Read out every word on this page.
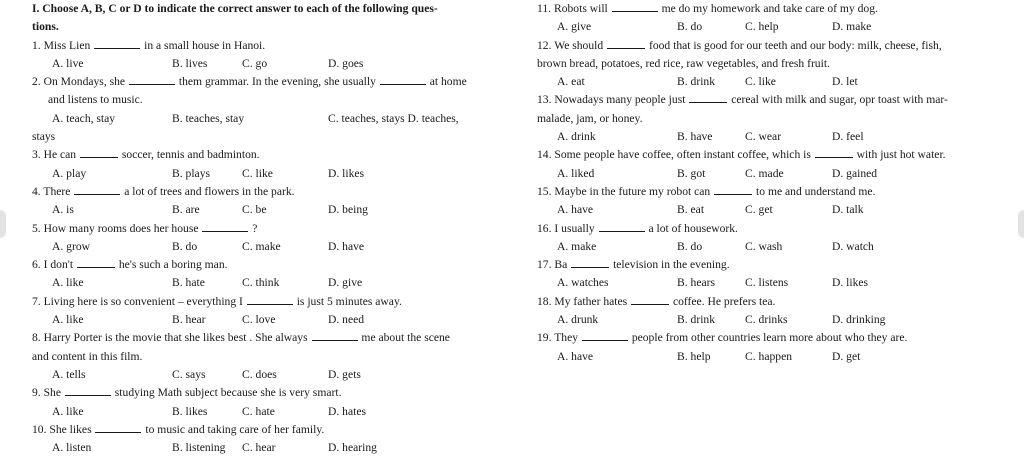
I. Choose A, B, C or D to indicate the correct answer to each of the following ques-
tions.
1. Miss Lien	in a small house in Hanoi.
A. live	B. lives	C. go	D. goes
2. On Mondays, she	them grammar. In the evening, she usually	at home
and listens to music.
A. teach, stay	B. teaches, stay	C. teaches, stays D. teaches,
stays
3. He can	soccer, tennis and badminton.
A. play	B. plays	C. like	D. likes
4. There	a lot of trees and flowers in the park.
A. is	B. are	C. be	D. being
5. How many rooms does her house	?
A. grow	B. do	C. make	D. have
6. I don't	he's such a boring man.
A. like	B. hate	C. think	D. give
7. Living here is so convenient – everything I	is just 5 minutes away.
A. like	B. hear	C. love	D. need
8. Harry Porter is the movie that she likes best . She always	me about the scene
and content in this film.
A. tells	C. says	C. does	D. gets
9. She	studying Math subject because she is very smart.
A. like	B. likes	C. hate	D. hates
10. She likes	to music and taking care of her family.
A. listen	B. listening C. hear	D. hearing
11. Robots will	me do my homework and take care of my dog.
A. give	B. do	C. help	D. make
12. We should	food that is good for our teeth and our body: milk, cheese, fish,
brown bread, potatoes, red rice, raw vegetables, and fresh fruit.
A. eat	B. drink	C. like	D. let
13. Nowadays many people just	cereal with milk and sugar, opr toast with mar-
malade, jam, or honey.
A. drink	B. have	C. wear	D. feel
14. Some people have coffee, often instant coffee, which is	with just hot water.
A. liked	B. got	C. made	D. gained
15. Maybe in the future my robot can	to me and understand me.
A. have	B. eat	C. get	D. talk
16. I usually	a lot of housework.
A. make	B. do	C. wash	D. watch
17. Ba	television in the evening.
A. watches	B. hears	C. listens	D. likes
18. My father hates	coffee. He prefers tea.
A. drunk	B. drink	C. drinks	D. drinking
19. They	people from other countries learn more about who they are.
A. have	B. help	C. happen	D. get
